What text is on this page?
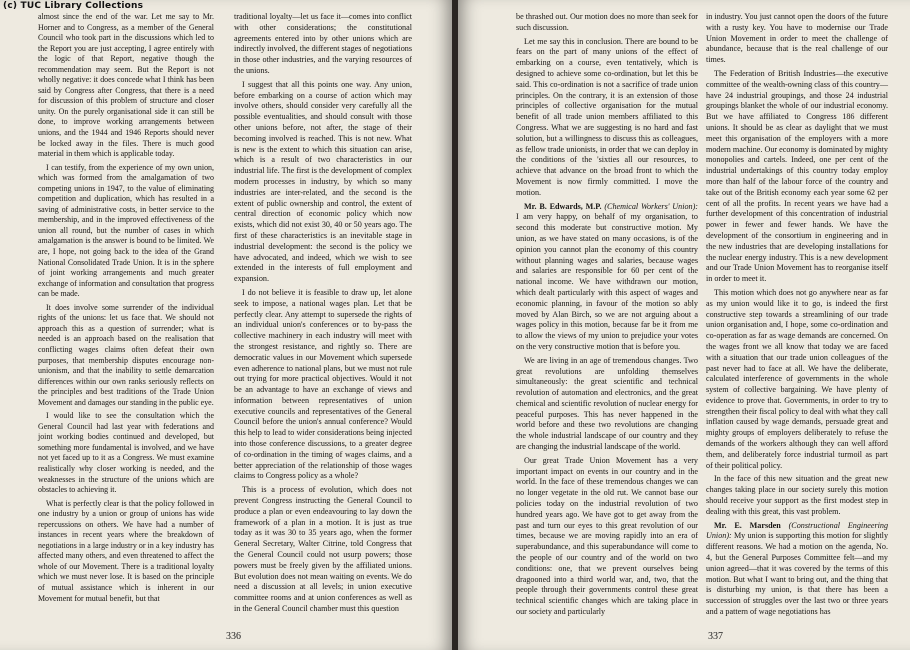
(c) TUC Library Collections

almost since the end of the war. Let me say to Mr. Horner and to Congress, as a member of the General Council who took part in the discussions which led to the Report you are just accepting, I agree entirely with the logic of that Report, negative though the recommendation may seem. But the Report is not wholly negative: it does concede what I think has been said by Congress after Congress, that there is a need for discussion of this problem of structure and closer unity. On the purely organisational side it can still be done, to improve working arrangements between unions, and the 1944 and 1946 Reports should never be locked away in the files. There is much good material in them which is applicable today.

I can testify, from the experience of my own union, which was formed from the amalgamation of two competing unions in 1947, to the value of eliminating competition and duplication, which has resulted in a saving of administrative costs, in better service to the membership, and in the improved effectiveness of the union all round, but the number of cases in which amalgamation is the answer is bound to be limited. We are, I hope, not going back to the idea of the Grand National Consolidated Trade Union. It is in the sphere of joint working arrangements and much greater exchange of information and consultation that progress can be made.

It does involve some surrender of the individual rights of the unions: let us face that. We should not approach this as a question of surrender; what is needed is an approach based on the realisation that conflicting wages claims often defeat their own purposes, that membership disputes encourage non-unionism, and that the inability to settle demarcation differences within our own ranks seriously reflects on the principles and best traditions of the Trade Union Movement and damages our standing in the public eye.

I would like to see the consultation which the General Council had last year with federations and joint working bodies continued and developed, but something more fundamental is involved, and we have not yet faced up to it as a Congress. We must examine realistically why closer working is needed, and the weaknesses in the structure of the unions which are obstacles to achieving it.

What is perfectly clear is that the policy followed in one industry by a union or group of unions has wide repercussions on others. We have had a number of instances in recent years where the breakdown of negotiations in a large industry or in a key industry has affected many others, and even threatened to affect the whole of our Movement. There is a traditional loyalty which we must never lose. It is based on the principle of mutual assistance which is inherent in our Movement for mutual benefit, but that

traditional loyalty—let us face it—comes into conflict with other considerations; the constitutional agreements entered into by other unions which are indirectly involved, the different stages of negotiations in those other industries, and the varying resources of the unions.

I suggest that all this points one way. Any union, before embarking on a course of action which may involve others, should consider very carefully all the possible eventualities, and should consult with those other unions before, not after, the stage of their becoming involved is reached. This is not new. What is new is the extent to which this situation can arise, which is a result of two characteristics in our industrial life. The first is the development of complex modern processes in industry, by which so many industries are inter-related, and the second is the extent of public ownership and control, the extent of central direction of economic policy which now exists, which did not exist 30, 40 or 50 years ago. The first of these characteristics is an inevitable stage in industrial development: the second is the policy we have advocated, and indeed, which we wish to see extended in the interests of full employment and expansion.

I do not believe it is feasible to draw up, let alone seek to impose, a national wages plan. Let that be perfectly clear. Any attempt to supersede the rights of an individual union's conferences or to by-pass the collective machinery in each industry will meet with the strongest resistance, and rightly so. There are democratic values in our Movement which supersede even adherence to national plans, but we must not rule out trying for more practical objectives. Would it not be an advantage to have an exchange of views and information between representatives of union executive councils and representatives of the General Council before the union's annual conference? Would this help to lead to wider considerations being injected into those conference discussions, to a greater degree of co-ordination in the timing of wages claims, and a better appreciation of the relationship of those wages claims to Congress policy as a whole?

This is a process of evolution, which does not prevent Congress instructing the General Council to produce a plan or even endeavouring to lay down the framework of a plan in a motion. It is just as true today as it was 30 to 35 years ago, when the former General Secretary, Walter Citrine, told Congress that the General Council could not usurp powers; those powers must be freely given by the affiliated unions. But evolution does not mean waiting on events. We do need a discussion at all levels; in union executive committee rooms and at union conferences as well as in the General Council chamber must this question

336

be thrashed out. Our motion does no more than seek for such discussion.

Let me say this in conclusion. There are bound to be fears on the part of many unions of the effect of embarking on a course, even tentatively, which is designed to achieve some co-ordination, but let this be said. This co-ordination is not a sacrifice of trade union principles. On the contrary, it is an extension of those principles of collective organisation for the mutual benefit of all trade union members affiliated to this Congress. What we are suggesting is no hard and fast solution, but a willingness to discuss this as colleagues, as fellow trade unionists, in order that we can deploy in the conditions of the 'sixties all our resources, to achieve that advance on the broad front to which the Movement is now firmly committed. I move the motion.

Mr. B. Edwards, M.P. (Chemical Workers' Union): I am very happy, on behalf of my organisation, to second this moderate but constructive motion. My union, as we have stated on many occasions, is of the opinion you cannot plan the economy of this country without planning wages and salaries, because wages and salaries are responsible for 60 per cent of the national income. We have withdrawn our motion, which dealt particularly with this aspect of wages and economic planning, in favour of the motion so ably moved by Alan Birch, so we are not arguing about a wages policy in this motion, because far be it from me to allow the views of my union to prejudice your votes on the very constructive motion that is before you.

We are living in an age of tremendous changes. Two great revolutions are unfolding themselves simultaneously: the great scientific and technical revolution of automation and electronics, and the great chemical and scientific revolution of nuclear energy for peaceful purposes. This has never happened in the world before and these two revolutions are changing the whole industrial landscape of our country and they are changing the industrial landscape of the world.

Our great Trade Union Movement has a very important impact on events in our country and in the world. In the face of these tremendous changes we can no longer vegetate in the old rut. We cannot base our policies today on the industrial revolution of two hundred years ago. We have got to get away from the past and turn our eyes to this great revolution of our times, because we are moving rapidly into an era of superabundance, and this superabundance will come to the people of our country and of the world on two conditions: one, that we prevent ourselves being dragooned into a third world war, and, two, that the people through their governments control these great technical scientific changes which are taking place in our society and particularly

in industry. You just cannot open the doors of the future with a rusty key. You have to modernise our Trade Union Movement in order to meet the challenge of abundance, because that is the real challenge of our times.

The Federation of British Industries—the executive committee of the wealth-owning class of this country—have 24 industrial groupings, and those 24 industrial groupings blanket the whole of our industrial economy. But we have affiliated to Congress 186 different unions. It should be as clear as daylight that we must meet this organisation of the employers with a more modern machine. Our economy is dominated by mighty monopolies and cartels. Indeed, one per cent of the industrial undertakings of this country today employ more than half of the labour force of the country and take out of the British economy each year some 62 per cent of all the profits. In recent years we have had a further development of this concentration of industrial power in fewer and fewer hands. We have the development of the consortium in engineering and in the new industries that are developing installations for the nuclear energy industry. This is a new development and our Trade Union Movement has to reorganise itself in order to meet it.

This motion which does not go anywhere near as far as my union would like it to go, is indeed the first constructive step towards a streamlining of our trade union organisation and, I hope, some co-ordination and co-operation as far as wage demands are concerned. On the wages front we all know that today we are faced with a situation that our trade union colleagues of the past never had to face at all. We have the deliberate, calculated interference of governments in the whole system of collective bargaining. We have plenty of evidence to prove that. Governments, in order to try to strengthen their fiscal policy to deal with what they call inflation caused by wage demands, persuade great and mighty groups of employers deliberately to refuse the demands of the workers although they can well afford them, and deliberately force industrial turmoil as part of their political policy.

In the face of this new situation and the great new changes taking place in our society surely this motion should receive your support as the first modest step in dealing with this great, this vast problem.

Mr. E. Marsden (Constructional Engineering Union): My union is supporting this motion for slightly different reasons. We had a motion on the agenda, No. 4, but the General Purposes Committee felt—and my union agreed—that it was covered by the terms of this motion. But what I want to bring out, and the thing that is disturbing my union, is that there has been a succession of struggles over the last two or three years and a pattern of wage negotiations has

337
